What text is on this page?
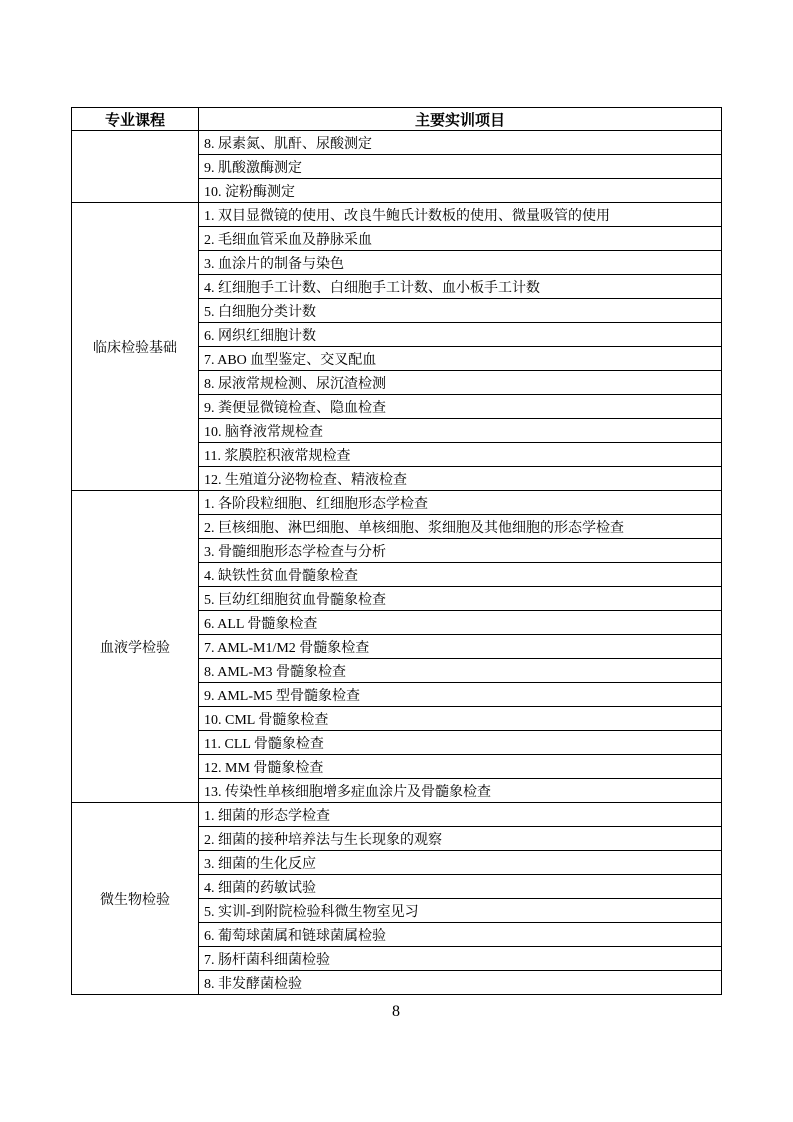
专业课程	主要实训项目
	8. 尿素氮、肌酐、尿酸测定
	9. 肌酸激酶测定
	10. 淀粉酶测定
临床检验基础	1. 双目显微镜的使用、改良牛鲍氏计数板的使用、微量吸管的使用
	2. 毛细血管采血及静脉采血
	3. 血涂片的制备与染色
	4. 红细胞手工计数、白细胞手工计数、血小板手工计数
	5. 白细胞分类计数
	6. 网织红细胞计数
	7. ABO 血型鉴定、交叉配血
	8. 尿液常规检测、尿沉渣检测
	9. 粪便显微镜检查、隐血检查
	10. 脑脊液常规检查
	11. 浆膜腔积液常规检查
	12. 生殖道分泌物检查、精液检查
血液学检验	1. 各阶段粒细胞、红细胞形态学检查
	2. 巨核细胞、淋巴细胞、单核细胞、浆细胞及其他细胞的形态学检查
	3. 骨髓细胞形态学检查与分析
	4. 缺铁性贫血骨髓象检查
	5. 巨幼红细胞贫血骨髓象检查
	6. ALL 骨髓象检查
	7. AML-M1/M2 骨髓象检查
	8. AML-M3 骨髓象检查
	9. AML-M5 型骨髓象检查
	10. CML 骨髓象检查
	11. CLL 骨髓象检查
	12. MM 骨髓象检查
	13. 传染性单核细胞增多症血涂片及骨髓象检查
微生物检验	1. 细菌的形态学检查
	2. 细菌的接种培养法与生长现象的观察
	3. 细菌的生化反应
	4. 细菌的药敏试验
	5. 实训-到附院检验科微生物室见习
	6. 葡萄球菌属和链球菌属检验
	7. 肠杆菌科细菌检验
	8. 非发酵菌检验
8
